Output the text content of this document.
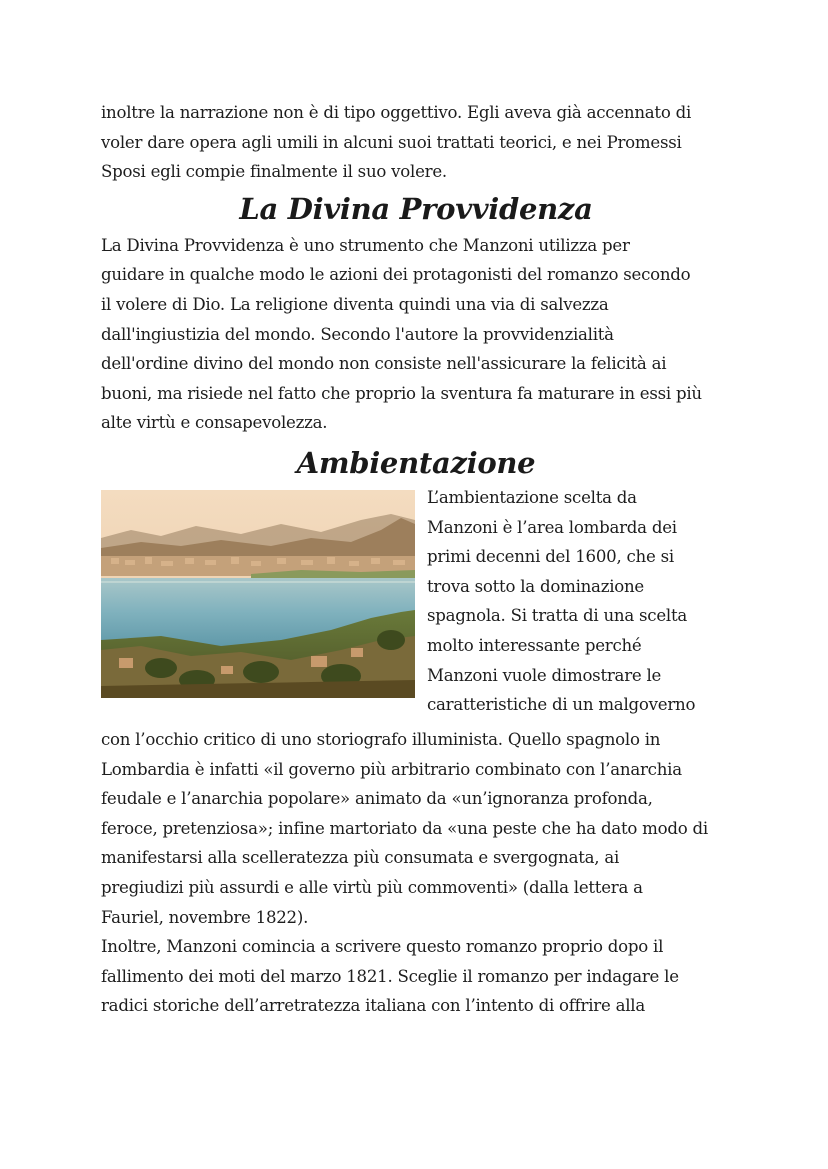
inoltre la narrazione non è di tipo oggettivo. Egli aveva già accennato di
voler dare opera agli umili in alcuni suoi trattati teorici, e nei Promessi
Sposi egli compie finalmente il suo volere.
La Divina Provvidenza
La Divina Provvidenza è uno strumento che Manzoni utilizza per
guidare in qualche modo le azioni dei protagonisti del romanzo secondo
il volere di Dio. La religione diventa quindi una via di salvezza
dall'ingiustizia del mondo. Secondo l'autore la provvidenzialità
dell'ordine divino del mondo non consiste nell'assicurare la felicità ai
buoni, ma risiede nel fatto che proprio la sventura fa maturare in essi più
alte virtù e consapevolezza.
Ambientazione
L’ambientazione scelta da
Manzoni è l’area lombarda dei
primi decenni del 1600, che si
trova sotto la dominazione
spagnola. Si tratta di una scelta
molto interessante perché
Manzoni vuole dimostrare le
caratteristiche di un malgoverno
con l’occhio critico di uno storiografo illuminista. Quello spagnolo in
Lombardia è infatti «il governo più arbitrario combinato con l’anarchia
feudale e l’anarchia popolare» animato da «un’ignoranza profonda,
feroce, pretenziosa»; infine martoriato da «una peste che ha dato modo di
manifestarsi alla scelleratezza più consumata e svergognata, ai
pregiudizi più assurdi e alle virtù più commoventi» (dalla lettera a
Fauriel, novembre 1822).
Inoltre, Manzoni comincia a scrivere questo romanzo proprio dopo il
fallimento dei moti del marzo 1821. Sceglie il romanzo per indagare le
radici storiche dell’arretratezza italiana con l’intento di offrire alla
